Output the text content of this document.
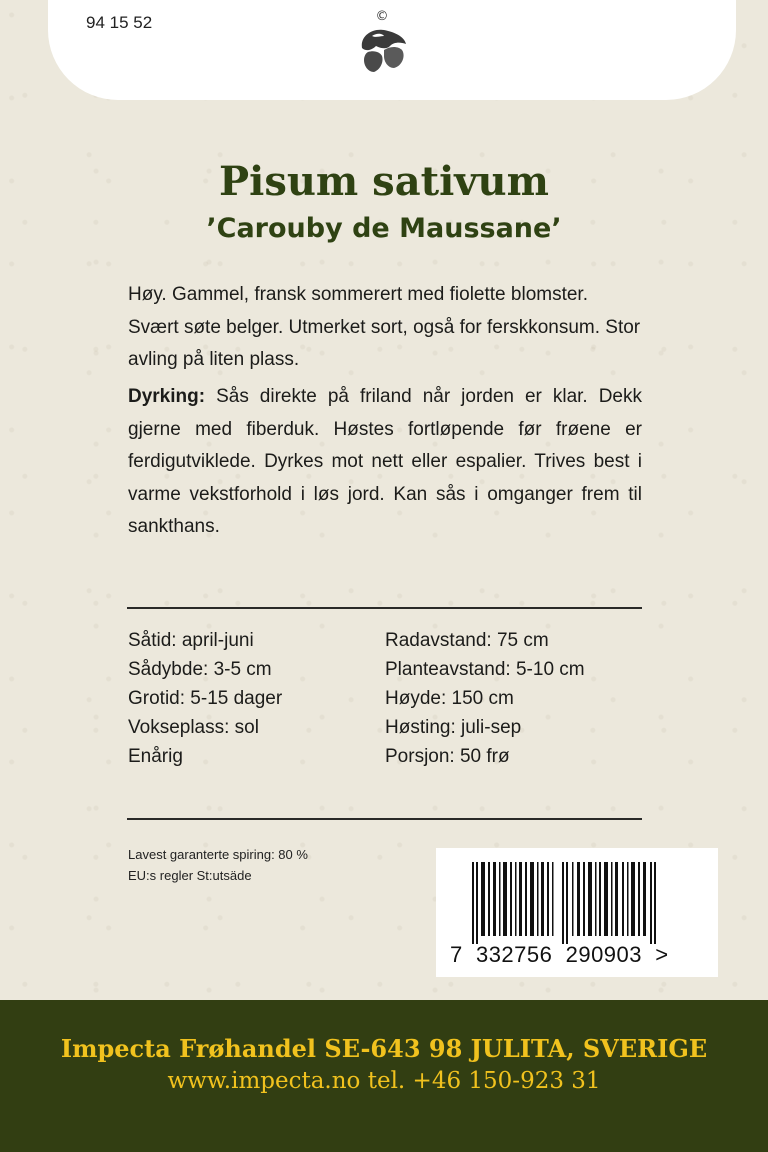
94 15 52	©
Pisum sativum
’Carouby de Maussane’
Høy. Gammel, fransk sommerert med fiolette blomster. Svært søte belger. Utmerket sort, også for ferskkonsum. Stor avling på liten plass.
Dyrking: Sås direkte på friland når jorden er klar. Dekk gjerne med fiberduk. Høstes fortløpende før frøene er ferdigutviklede. Dyrkes mot nett eller espalier. Trives best i varme vekstforhold i løs jord. Kan sås i omganger frem til sankthans.
Såtid: april-juni
Sådybde: 3-5 cm
Grotid: 5-15 dager
Vokseplass: sol
Enårig
Radavstand: 75 cm
Planteavstand: 5-10 cm
Høyde: 150 cm
Høsting: juli-sep
Porsjon: 50 frø
Lavest garanterte spiring: 80 %
EU:s regler St:utsäde
7  332756  290903  >
Impecta Frøhandel SE-643 98 JULITA, SVERIGE
www.impecta.no tel. +46 150-923 31
